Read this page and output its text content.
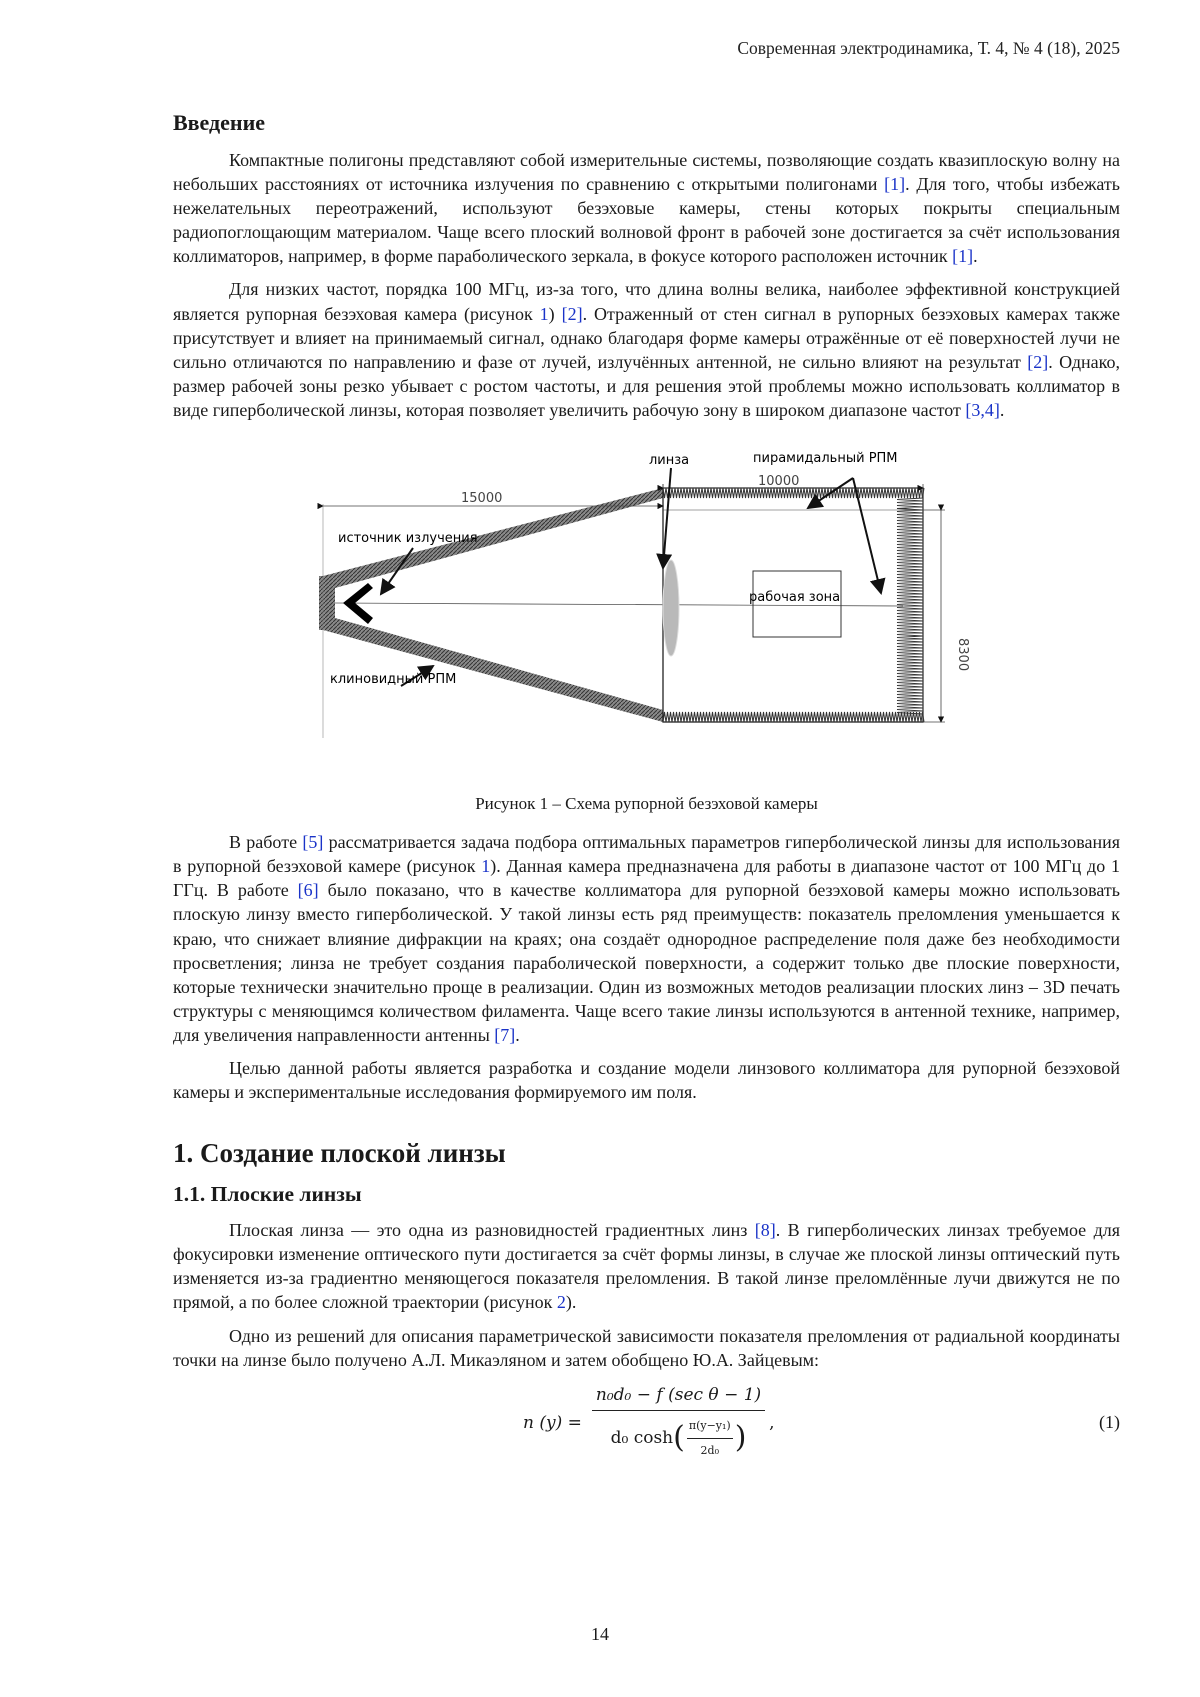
Современная электродинамика, Т. 4, № 4 (18), 2025
Введение

Компактные полигоны представляют собой измерительные системы, позволяющие создать квазиплоскую волну на небольших расстояниях от источника излучения по сравнению с открытыми полигонами [1]. Для того, чтобы избежать нежелательных переотражений, используют безэховые камеры, стены которых покрыты специальным радиопоглощающим материалом. Чаще всего плоский волновой фронт в рабочей зоне достигается за счёт использования коллиматоров, например, в форме параболического зеркала, в фокусе которого расположен источник [1].

Для низких частот, порядка 100 МГц, из-за того, что длина волны велика, наиболее эффективной конструкцией является рупорная безэховая камера (рисунок 1) [2]. Отраженный от стен сигнал в рупорных безэховых камерах также присутствует и влияет на принимаемый сигнал, однако благодаря форме камеры отражённые от её поверхностей лучи не сильно отличаются по направлению и фазе от лучей, излучённых антенной, не сильно влияют на результат [2]. Однако, размер рабочей зоны резко убывает с ростом частоты, и для решения этой проблемы можно использовать коллиматор в виде гиперболической линзы, которая позволяет увеличить рабочую зону в широком диапазоне частот [3,4].

линза	пирамидальный РПМ
источник излучения
клиновидный РПМ
рабочая зона
15000
10000
8300
Рисунок 1 – Схема рупорной безэховой камеры

В работе [5] рассматривается задача подбора оптимальных параметров гиперболической линзы для использования в рупорной безэховой камере (рисунок 1). Данная камера предназначена для работы в диапазоне частот от 100 МГц до 1 ГГц. В работе [6] было показано, что в качестве коллиматора для рупорной безэховой камеры можно использовать плоскую линзу вместо гиперболической. У такой линзы есть ряд преимуществ: показатель преломления уменьшается к краю, что снижает влияние дифракции на краях; она создаёт однородное распределение поля даже без необходимости просветления; линза не требует создания параболической поверхности, а содержит только две плоские поверхности, которые технически значительно проще в реализации. Один из возможных методов реализации плоских линз – 3D печать структуры с меняющимся количеством филамента. Чаще всего такие линзы используются в антенной технике, например, для увеличения направленности антенны [7].

Целью данной работы является разработка и создание модели линзового коллиматора для рупорной безэховой камеры и экспериментальные исследования формируемого им поля.

1. Создание плоской линзы
1.1. Плоские линзы

Плоская линза — это одна из разновидностей градиентных линз [8]. В гиперболических линзах требуемое для фокусировки изменение оптического пути достигается за счёт формы линзы, в случае же плоской линзы оптический путь изменяется из-за градиентно меняющегося показателя преломления. В такой линзе преломлённые лучи движутся не по прямой, а по более сложной траектории (рисунок 2).

Одно из решений для описания параметрической зависимости показателя преломления от радиальной координаты точки на линзе было получено А.Л. Микаэляном и затем обобщено Ю.А. Зайцевым:

n (y) =
n₀d₀ − f (sec θ − 1)
d₀ cosh ( $\frac{\text{π(y−y₁)}}{\text{2d₀}}$ ) ,	(1)
14
